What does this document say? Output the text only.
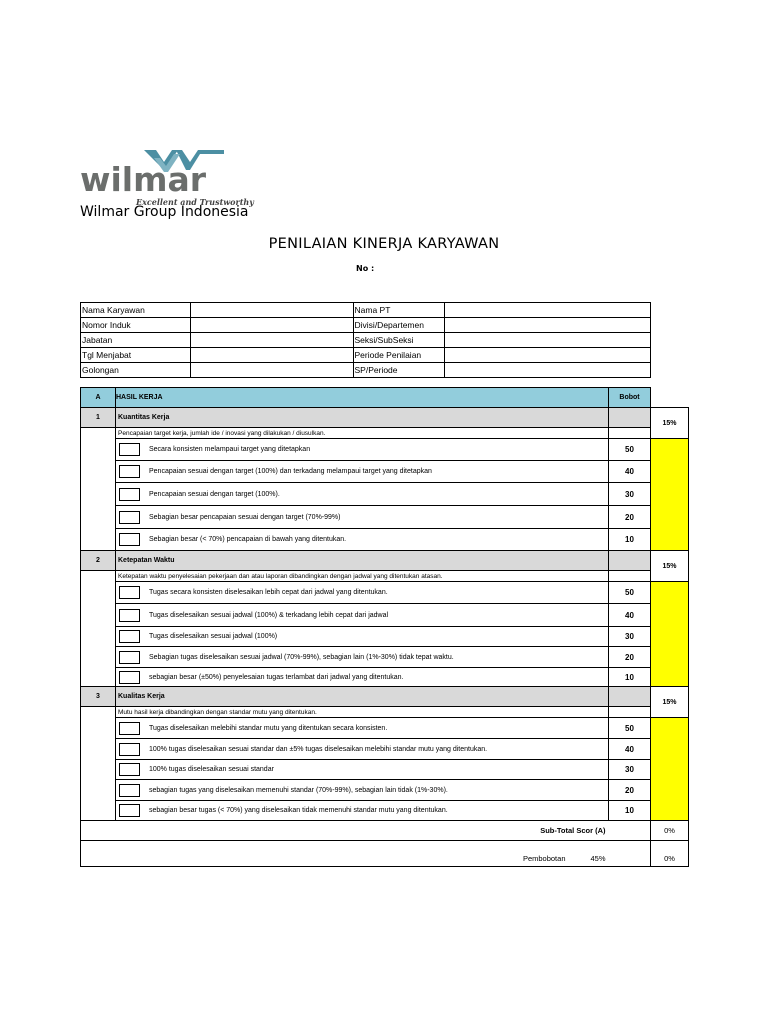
wilmar
Excellent and Trustworthy
Wilmar Group Indonesia
PENILAIAN KINERJA KARYAWAN
No :
Nama Karyawan		Nama PT	
Nomor Induk		Divisi/Departemen	
Jabatan		Seksi/SubSeksi	
Tgl Menjabat		Periode Penilaian	
Golongan		SP/Periode	
A	HASIL KERJA	Bobot	
1	Kuantitas Kerja		15%
	Pencapaian target kerja, jumlah ide / inovasi yang dilakukan / diusulkan.		

	Secara konsisten melampaui target yang ditetapkan	50	

	Pencapaian sesuai dengan target (100%) dan terkadang melampaui target yang ditetapkan	40	

	Pencapaian sesuai dengan target (100%).	30	

	Sebagian besar pencapaian sesuai dengan target (70%-99%)	20	

	Sebagian besar (< 70%) pencapaian di bawah yang ditentukan.	10	
2	Ketepatan Waktu		15%
	Ketepatan waktu penyelesaian pekerjaan dan atau laporan dibandingkan dengan jadwal yang ditentukan atasan.		

	Tugas secara konsisten diselesaikan lebih cepat dari jadwal yang ditentukan.	50	

	Tugas diselesaikan sesuai jadwal (100%) & terkadang lebih cepat dari jadwal	40	

	Tugas diselesaikan sesuai jadwal (100%)	30	

	Sebagian tugas diselesaikan sesuai jadwal (70%-99%), sebagian lain (1%-30%) tidak tepat waktu.	20	

	sebagian besar (±50%) penyelesaian tugas terlambat dari jadwal yang ditentukan.	10	
3	Kualitas Kerja		15%
	Mutu hasil kerja dibandingkan dengan standar mutu yang ditentukan.		

	Tugas diselesaikan melebihi standar mutu yang ditentukan secara konsisten.	50	

	100% tugas diselesaikan sesuai standar dan ±5% tugas diselesaikan melebihi standar mutu yang ditentukan.	40	

	100% tugas diselesaikan sesuai standar	30	

	sebagian tugas yang diselesaikan memenuhi standar (70%-99%), sebagian lain tidak (1%-30%).	20	

	sebagian besar tugas (< 70%) yang diselesaikan tidak memenuhi standar mutu yang ditentukan.	10	
Sub-Total Scor (A)			0%
Pembobotan 45%			0%
